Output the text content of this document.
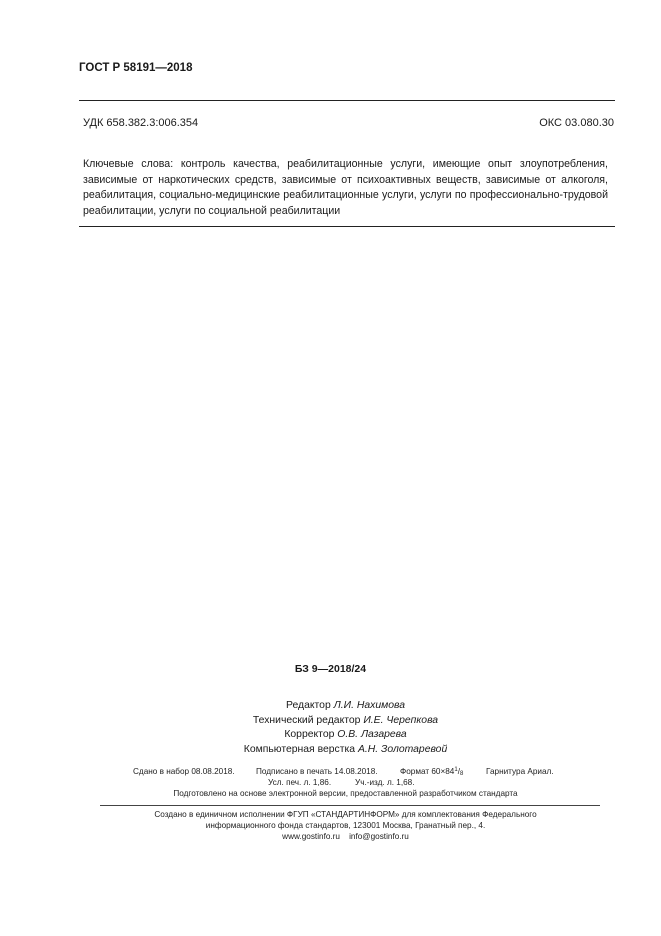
ГОСТ Р 58191—2018
УДК 658.382.3:006.354	ОКС 03.080.30
Ключевые слова: контроль качества, реабилитационные услуги, имеющие опыт злоупотребления, зависимые от наркотических средств, зависимые от психоактивных веществ, зависимые от алкоголя, реабилитация, социально-медицинские реабилитационные услуги, услуги по профессионально-трудовой реабилитации, услуги по социальной реабилитации
БЗ 9—2018/24
Редактор Л.И. Нахимова
Технический редактор И.Е. Черепкова
Корректор О.В. Лазарева
Компьютерная верстка А.Н. Золотаревой
Сдано в набор 08.08.2018.	Подписано в печать 14.08.2018.	Формат $60\times 84^1/8$	Гарнитура Ариал.
Усл. печ. л. 1,86.	Уч.-изд. л. 1,68.
Подготовлено на основе электронной версии, предоставленной разработчиком стандарта
Создано в единичном исполнении ФГУП «СТАНДАРТИНФОРМ» для комплектования Федерального
информационного фонда стандартов, 123001 Москва, Гранатный пер., 4.
www.gostinfo.ru info@gostinfo.ru
